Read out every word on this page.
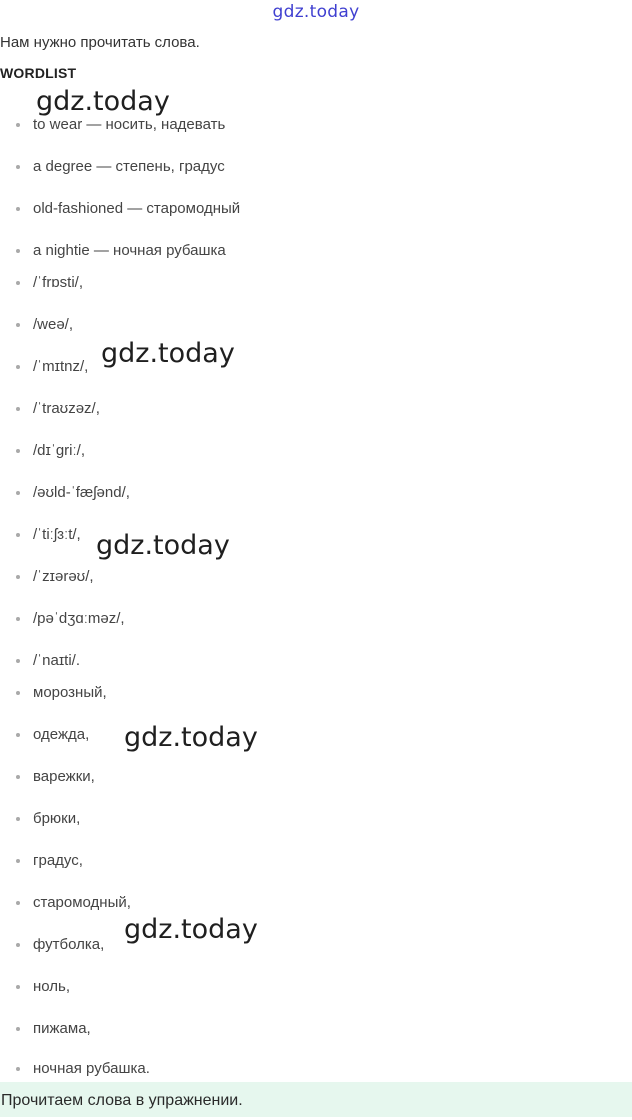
gdz.today
Нам нужно прочитать слова.
WORDLIST
to wear — носить, надевать
a degree — степень, градус
old-fashioned — старомодный
a nightie — ночная рубашка
/ˈfrɒsti/,
/weə/,
/ˈmɪtnz/,
/ˈtraʊzəz/,
/dɪˈɡriː/,
/əʊld-ˈfæʃənd/,
/ˈtiːʃɜːt/,
/ˈzɪərəʊ/,
/pəˈdʒɑːməz/,
/ˈnaɪti/.
морозный,
одежда,
варежки,
брюки,
градус,
старомодный,
футболка,
ноль,
пижама,
ночная рубашка.
gdz.today
gdz.today
gdz.today
gdz.today
gdz.today
Прочитаем слова в упражнении.
